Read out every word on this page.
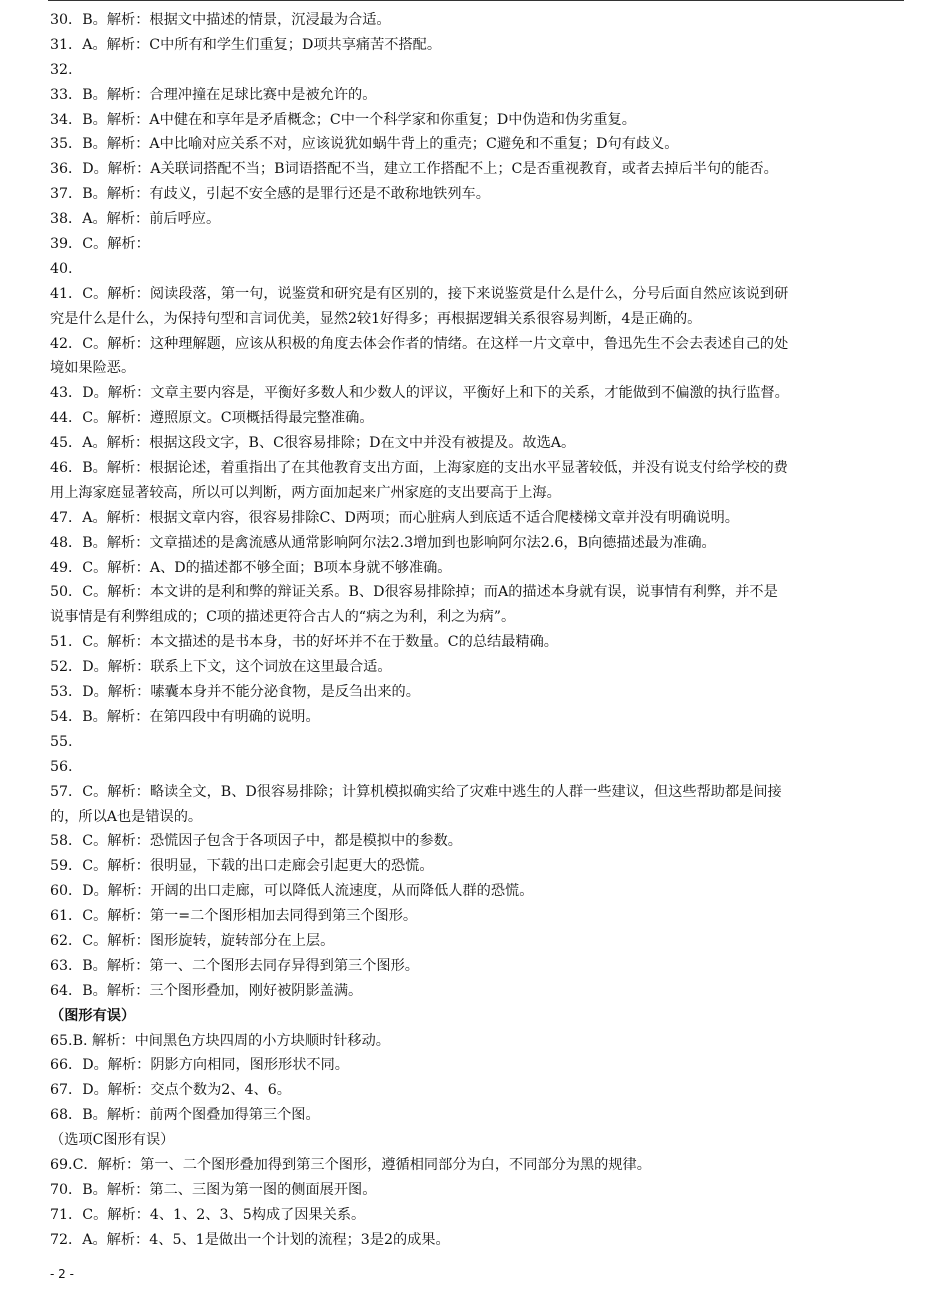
30．B。解析：根据文中描述的情景，沉浸最为合适。
31．A。解析：C中所有和学生们重复；D项共享痛苦不搭配。
32.
33．B。解析：合理冲撞在足球比赛中是被允许的。
34．B。解析：A中健在和享年是矛盾概念；C中一个科学家和你重复；D中伪造和伪劣重复。
35．B。解析：A中比喻对应关系不对，应该说犹如蜗牛背上的重壳；C避免和不重复；D句有歧义。
36．D。解析：A关联词搭配不当；B词语搭配不当，建立工作搭配不上；C是否重视教育，或者去掉后半句的能否。
37．B。解析：有歧义，引起不安全感的是罪行还是不敢称地铁列车。
38．A。解析：前后呼应。
39．C。解析：
40.
41．C。解析：阅读段落，第一句，说鉴赏和研究是有区别的，接下来说鉴赏是什么是什么，分号后面自然应该说到研
究是什么是什么，为保持句型和言词优美，显然2较1好得多；再根据逻辑关系很容易判断，4是正确的。
42．C。解析：这种理解题，应该从积极的角度去体会作者的情绪。在这样一片文章中，鲁迅先生不会去表述自己的处
境如果险恶。
43．D。解析：文章主要内容是，平衡好多数人和少数人的评议，平衡好上和下的关系，才能做到不偏激的执行监督。
44．C。解析：遵照原文。C项概括得最完整准确。
45．A。解析：根据这段文字，B、C很容易排除；D在文中并没有被提及。故选A。
46．B。解析：根据论述，着重指出了在其他教育支出方面，上海家庭的支出水平显著较低，并没有说支付给学校的费
用上海家庭显著较高，所以可以判断，两方面加起来广州家庭的支出要高于上海。
47．A。解析：根据文章内容，很容易排除C、D两项；而心脏病人到底适不适合爬楼梯文章并没有明确说明。
48．B。解析：文章描述的是禽流感从通常影响阿尔法2.3增加到也影响阿尔法2.6，B向德描述最为准确。
49．C。解析：A、D的描述都不够全面；B项本身就不够准确。
50．C。解析：本文讲的是利和弊的辩证关系。B、D很容易排除掉；而A的描述本身就有误，说事情有利弊，并不是
说事情是有利弊组成的；C项的描述更符合古人的“病之为利，利之为病”。
51．C。解析：本文描述的是书本身，书的好坏并不在于数量。C的总结最精确。
52．D。解析：联系上下文，这个词放在这里最合适。
53．D。解析：嗉囊本身并不能分泌食物，是反刍出来的。
54．B。解析：在第四段中有明确的说明。
55.
56.
57．C。解析：略读全文，B、D很容易排除；计算机模拟确实给了灾难中逃生的人群一些建议，但这些帮助都是间接
的，所以A也是错误的。
58．C。解析：恐慌因子包含于各项因子中，都是模拟中的参数。
59．C。解析：很明显，下载的出口走廊会引起更大的恐慌。
60．D。解析：开阔的出口走廊，可以降低人流速度，从而降低人群的恐慌。
61．C。解析：第一=二个图形相加去同得到第三个图形。
62．C。解析：图形旋转，旋转部分在上层。
63．B。解析：第一、二个图形去同存异得到第三个图形。
64．B。解析：三个图形叠加，刚好被阴影盖满。
（图形有误）
65.B. 解析：中间黑色方块四周的小方块顺时针移动。
66．D。解析：阴影方向相同，图形形状不同。
67．D。解析：交点个数为2、4、6。
68．B。解析：前两个图叠加得第三个图。
（选项C图形有误）
69.C．解析：第一、二个图形叠加得到第三个图形，遵循相同部分为白，不同部分为黑的规律。
70．B。解析：第二、三图为第一图的侧面展开图。
71．C。解析：4、1、2、3、5构成了因果关系。
72．A。解析：4、5、1是做出一个计划的流程；3是2的成果。
- 2 -
